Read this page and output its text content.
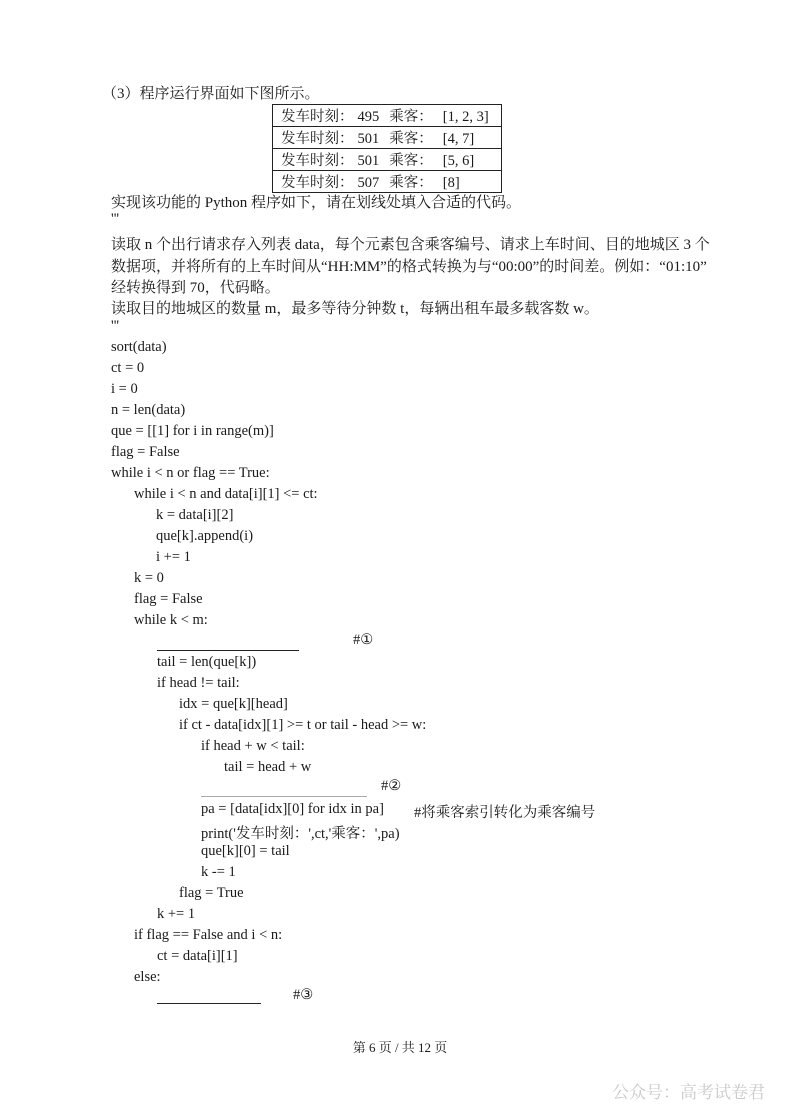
（3）程序运行界面如下图所示。
发车时刻： 495 乘客： [1, 2, 3]
发车时刻： 501 乘客： [4, 7]
发车时刻： 501 乘客： [5, 6]
发车时刻： 507 乘客： [8]
实现该功能的 Python 程序如下，请在划线处填入合适的代码。
'''
读取 n 个出行请求存入列表 data，每个元素包含乘客编号、请求上车时间、目的地城区 3 个
数据项，并将所有的上车时间从“HH:MM”的格式转换为与“00:00”的时间差。例如：“01:10”
经转换得到 70，代码略。
读取目的地城区的数量 m，最多等待分钟数 t，每辆出租车最多载客数 w。
'''
sort(data)
ct = 0
i = 0
n = len(data)
que = [[1] for i in range(m)]
flag = False
while i < n or flag == True:
while i < n and data[i][1] <= ct:
k = data[i][2]
que[k].append(i)
i += 1
k = 0
flag = False
while k < m:
#①
tail = len(que[k])
if head != tail:
idx = que[k][head]
if ct - data[idx][1] >= t or tail - head >= w:
if head + w < tail:
tail = head + w
#②
pa = [data[idx][0] for idx in pa] #将乘客索引转化为乘客编号
print('发车时刻：',ct,'乘客：',pa)
que[k][0] = tail
k -= 1
flag = True
k += 1
if flag == False and i < n:
ct = data[i][1]
else:
#③
第 6 页 / 共 12 页
公众号：高考试卷君
